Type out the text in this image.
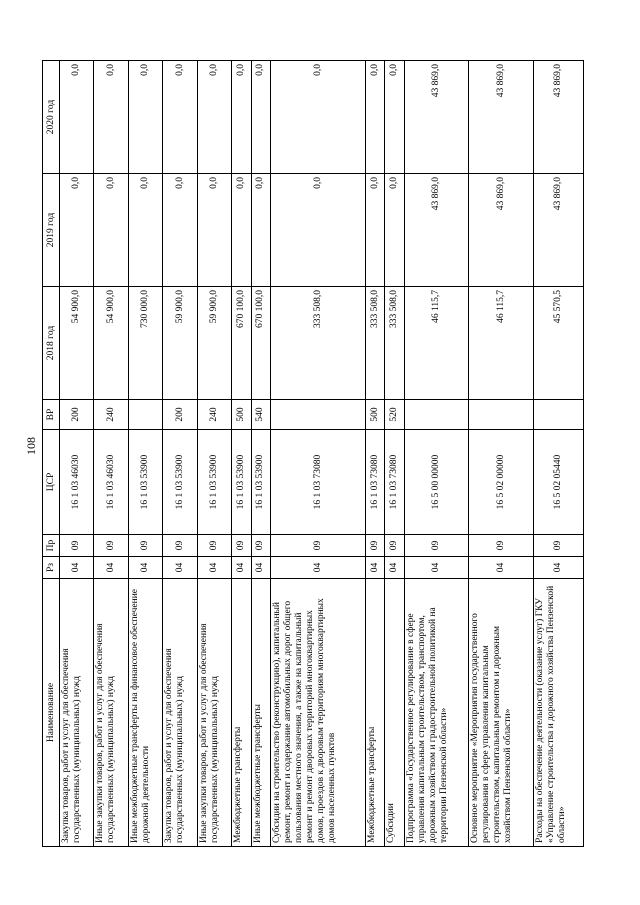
108
Наименование	Рз	Пр	ЦСР	ВР	2018 год	2019 год	2020 год
Закупка товаров, работ и услуг для обеспечения государственных (муниципальных) нужд	04	09	16 1 03 46030	200	54 900,0	0,0	0,0
Иные закупки товаров, работ и услуг для обеспечения государственных (муниципальных) нужд	04	09	16 1 03 46030	240	54 900,0	0,0	0,0
Иные межбюджетные трансферты на финансовое обеспечение дорожной деятельности	04	09	16 1 03 53900		730 000,0	0,0	0,0
Закупка товаров, работ и услуг для обеспечения государственных (муниципальных) нужд	04	09	16 1 03 53900	200	59 900,0	0,0	0,0
Иные закупки товаров, работ и услуг для обеспечения государственных (муниципальных) нужд	04	09	16 1 03 53900	240	59 900,0	0,0	0,0
Межбюджетные трансферты	04	09	16 1 03 53900	500	670 100,0	0,0	0,0
Иные межбюджетные трансферты	04	09	16 1 03 53900	540	670 100,0	0,0	0,0
Субсидии на строительство (реконструкцию), капитальный ремонт, ремонт и содержание автомобильных дорог общего пользования местного значения, а также на капитальный ремонт и ремонт дворовых территорий многоквартирных домов, проездов к дворовым территориям многоквартирных домов населенных пунктов	04	09	16 1 03 73080		333 508,0	0,0	0,0
Межбюджетные трансферты	04	09	16 1 03 73080	500	333 508,0	0,0	0,0
Субсидии	04	09	16 1 03 73080	520	333 508,0	0,0	0,0
Подпрограмма «Государственное регулирование в сфере управления капитальным строительством, транспортом, дорожным хозяйством и градостроительной политикой на территории Пензенской области»	04	09	16 5 00 00000		46 115,7	43 869,0	43 869,0
Основное мероприятие «Мероприятия государственного регулирования в сфере управления капитальным строительством, капитальным ремонтом и дорожным хозяйством Пензенской области»	04	09	16 5 02 00000		46 115,7	43 869,0	43 869,0
Расходы на обеспечение деятельности (оказание услуг) ГКУ «Управление строительства и дорожного хозяйства Пензенской области»	04	09	16 5 02 05440		45 570,5	43 869,0	43 869,0
